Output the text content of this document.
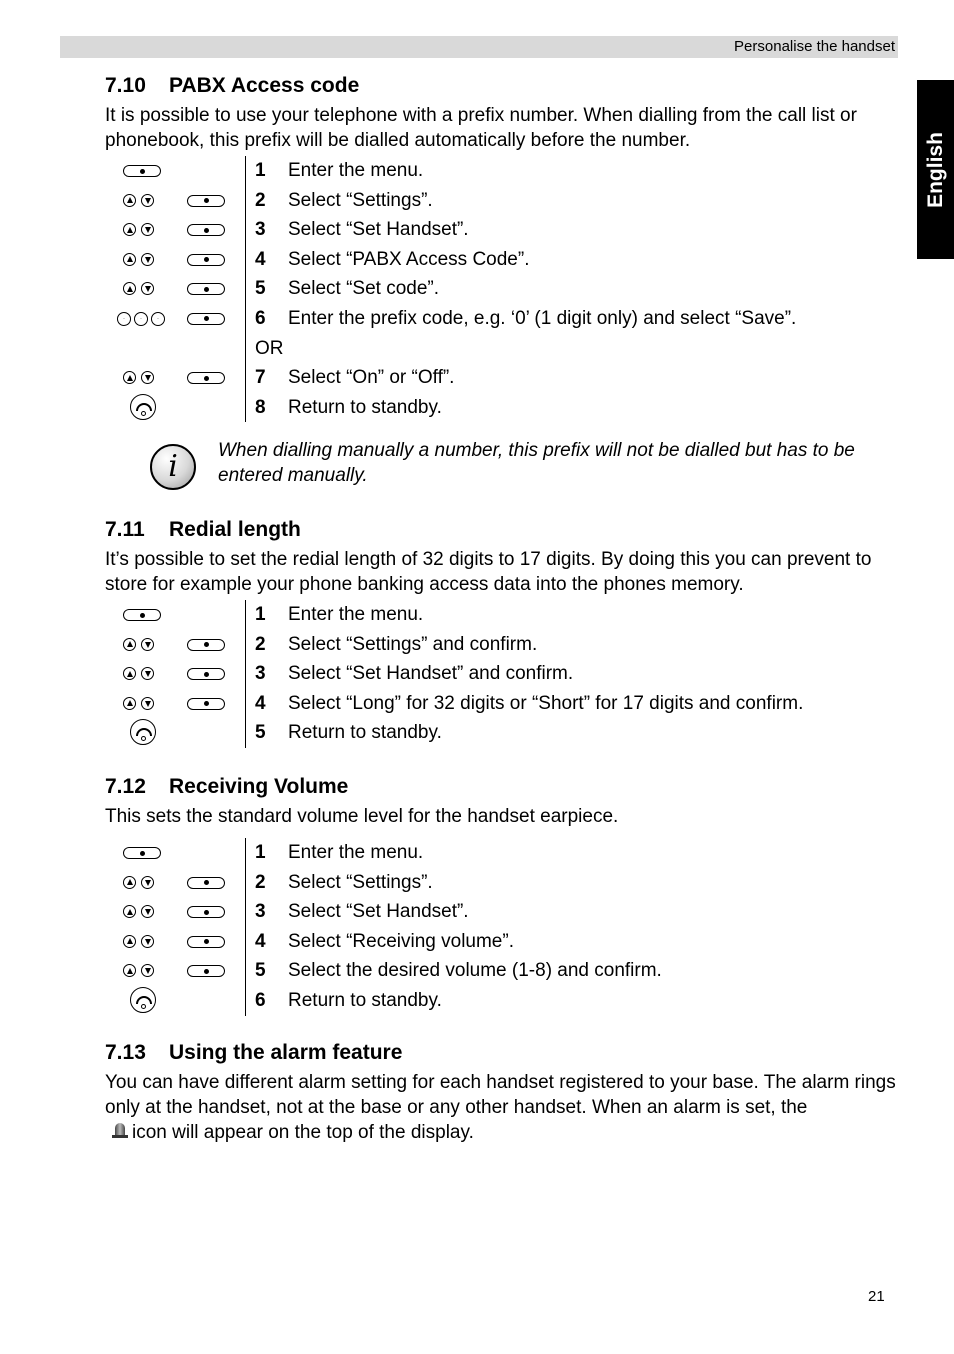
Personalise the handset
English
7.10 PABX Access code

It is possible to use your telephone with a prefix number. When dialling from the call list or phonebook, this prefix will be dialled automatically before the number.

1 Enter the menu.
2 Select “Settings”.
3 Select “Set Handset”.
4 Select “PABX Access Code”.
5 Select “Set code”.
·	·	·	6 Enter the prefix code, e.g. ‘0’ (1 digit only) and select “Save”.
OR
7 Select “On” or “Off”.
8 Return to standby.
i	When dialling manually a number, this prefix will not be dialled but has to be entered manually.
7.11 Redial length

It’s possible to set the redial length of 32 digits to 17 digits. By doing this you can prevent to store for example your phone banking access data into the phones memory.

1 Enter the menu.
2 Select “Settings” and confirm.
3 Select “Set Handset” and confirm.
4 Select “Long” for 32 digits or “Short” for 17 digits and confirm.
5 Return to standby.
7.12 Receiving Volume

This sets the standard volume level for the handset earpiece.

1 Enter the menu.
2 Select “Settings”.
3 Select “Set Handset”.
4 Select “Receiving volume”.
5 Select the desired volume (1-8) and confirm.
6 Return to standby.
7.13 Using the alarm feature

You can have different alarm setting for each handset registered to your base. The alarm rings only at the handset, not at the base or any other handset. When an alarm is set, the
icon will appear on the top of the display.

21
